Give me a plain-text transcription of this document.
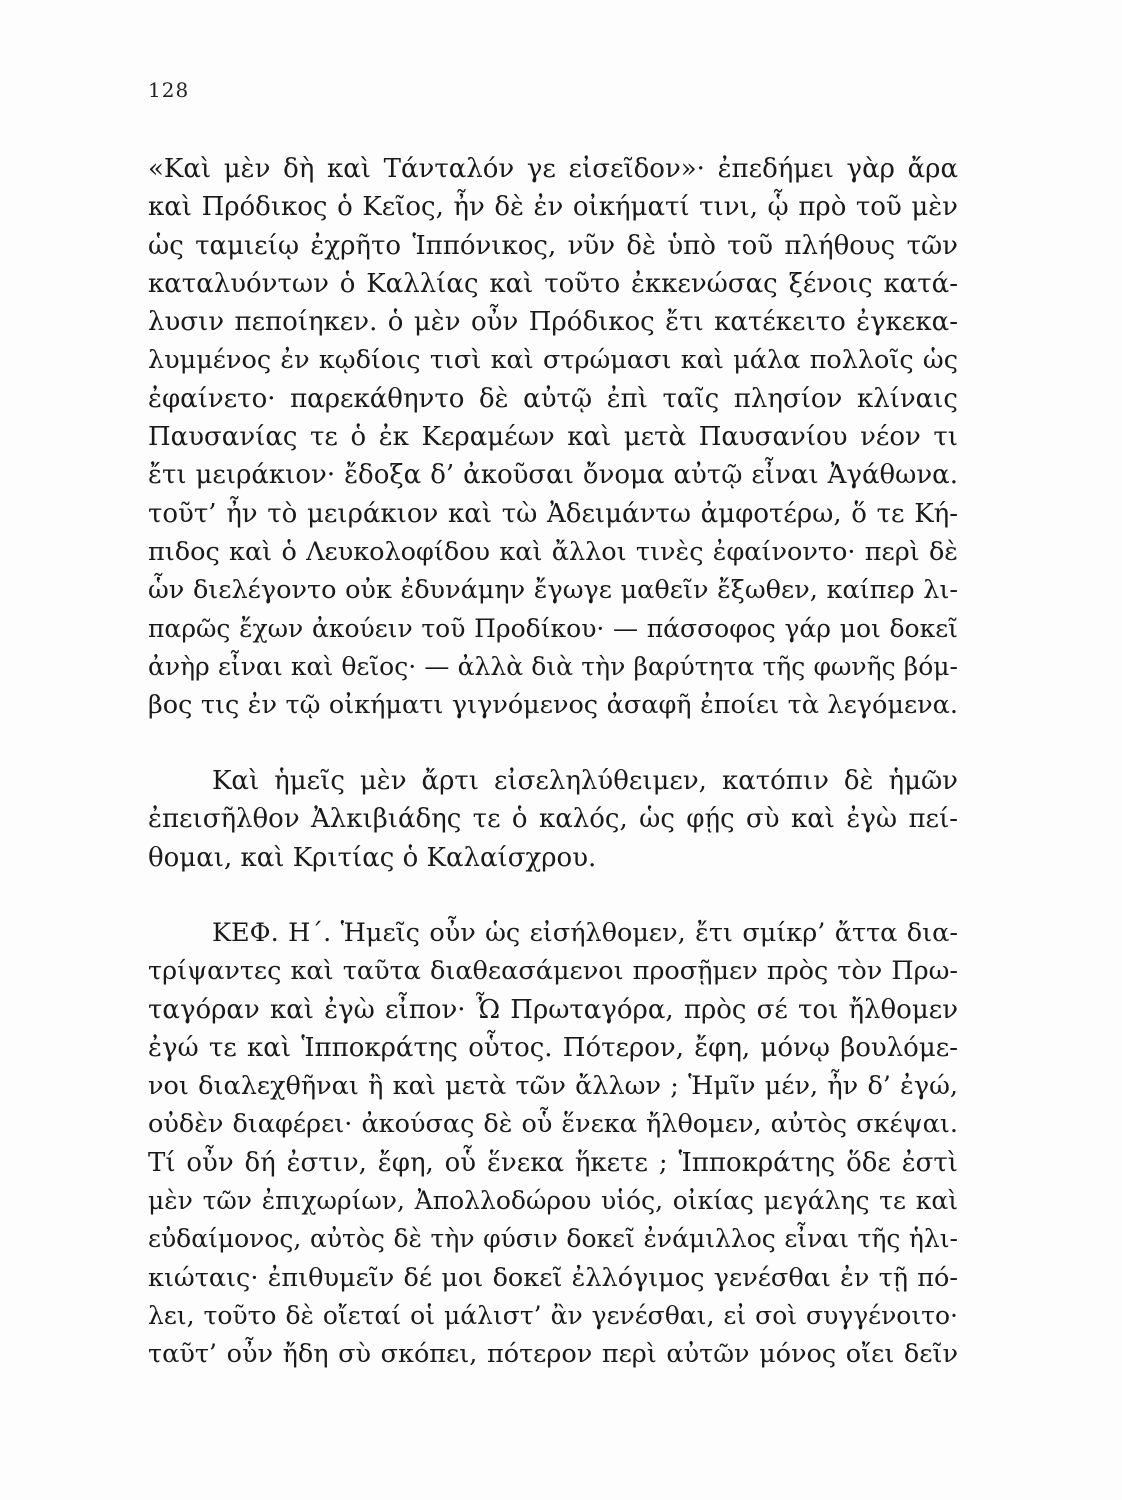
128
«Καὶ μὲν δὴ καὶ Τάνταλόν γε εἰσεῖδον»· ἐπεδήμει γὰρ ἄρα
καὶ Πρόδικος ὁ Κεῖος, ἦν δὲ ἐν οἰκήματί τινι, ᾧ πρὸ τοῦ μὲν
ὡς ταμιείῳ ἐχρῆτο Ἱππόνικος, νῦν δὲ ὑπὸ τοῦ πλήθους τῶν
καταλυόντων ὁ Καλλίας καὶ τοῦτο ἐκκενώσας ξένοις κατά-
λυσιν πεποίηκεν. ὁ μὲν οὖν Πρόδικος ἔτι κατέκειτο ἐγκεκα-
λυμμένος ἐν κῳδίοις τισὶ καὶ στρώμασι καὶ μάλα πολλοῖς ὡς
ἐφαίνετο· παρεκάθηντο δὲ αὐτῷ ἐπὶ ταῖς πλησίον κλίναις
Παυσανίας τε ὁ ἐκ Κεραμέων καὶ μετὰ Παυσανίου νέον τι
ἔτι μειράκιον· ἔδοξα δ’ ἀκοῦσαι ὄνομα αὐτῷ εἶναι Ἀγάθωνα.
τοῦτ’ ἦν τὸ μειράκιον καὶ τὼ Ἀδειμάντω ἀμφοτέρω, ὅ τε Κή-
πιδος καὶ ὁ Λευκολοφίδου καὶ ἄλλοι τινὲς ἐφαίνοντο· περὶ δὲ
ὧν διελέγοντο οὐκ ἐδυνάμην ἔγωγε μαθεῖν ἔξωθεν, καίπερ λι-
παρῶς ἔχων ἀκούειν τοῦ Προδίκου· — πάσσοφος γάρ μοι δοκεῖ
ἀνὴρ εἶναι καὶ θεῖος· — ἀλλὰ διὰ τὴν βαρύτητα τῆς φωνῆς βόμ-
βος τις ἐν τῷ οἰκήματι γιγνόμενος ἀσαφῆ ἐποίει τὰ λεγόμενα.
Καὶ ἡμεῖς μὲν ἄρτι εἰσεληλύθειμεν, κατόπιν δὲ ἡμῶν
ἐπεισῆλθον Ἀλκιβιάδης τε ὁ καλός, ὡς φῄς σὺ καὶ ἐγὼ πεί-
θομαι, καὶ Κριτίας ὁ Καλαίσχρου.
ΚΕΦ. Η΄. Ἡμεῖς οὖν ὡς εἰσήλθομεν, ἔτι σμίκρ’ ἄττα δια-
τρίψαντες καὶ ταῦτα διαθεασάμενοι προσῇμεν πρὸς τὸν Πρω-
ταγόραν καὶ ἐγὼ εἶπον· Ὦ Πρωταγόρα, πρὸς σέ τοι ἤλθομεν
ἐγώ τε καὶ Ἱπποκράτης οὗτος. Πότερον, ἔφη, μόνῳ βουλόμε-
νοι διαλεχθῆναι ἢ καὶ μετὰ τῶν ἄλλων ; Ἡμῖν μέν, ἦν δ’ ἐγώ,
οὐδὲν διαφέρει· ἀκούσας δὲ οὗ ἕνεκα ἤλθομεν, αὐτὸς σκέψαι.
Τί οὖν δή ἐστιν, ἔφη, οὗ ἕνεκα ἥκετε ; Ἱπποκράτης ὅδε ἐστὶ
μὲν τῶν ἐπιχωρίων, Ἀπολλοδώρου υἱός, οἰκίας μεγάλης τε καὶ
εὐδαίμονος, αὐτὸς δὲ τὴν φύσιν δοκεῖ ἐνάμιλλος εἶναι τῆς ἡλι-
κιώταις· ἐπιθυμεῖν δέ μοι δοκεῖ ἐλλόγιμος γενέσθαι ἐν τῇ πό-
λει, τοῦτο δὲ οἴεταί οἱ μάλιστ’ ἂν γενέσθαι, εἰ σοὶ συγγένοιτο·
ταῦτ’ οὖν ἤδη σὺ σκόπει, πότερον περὶ αὐτῶν μόνος οἴει δεῖν
